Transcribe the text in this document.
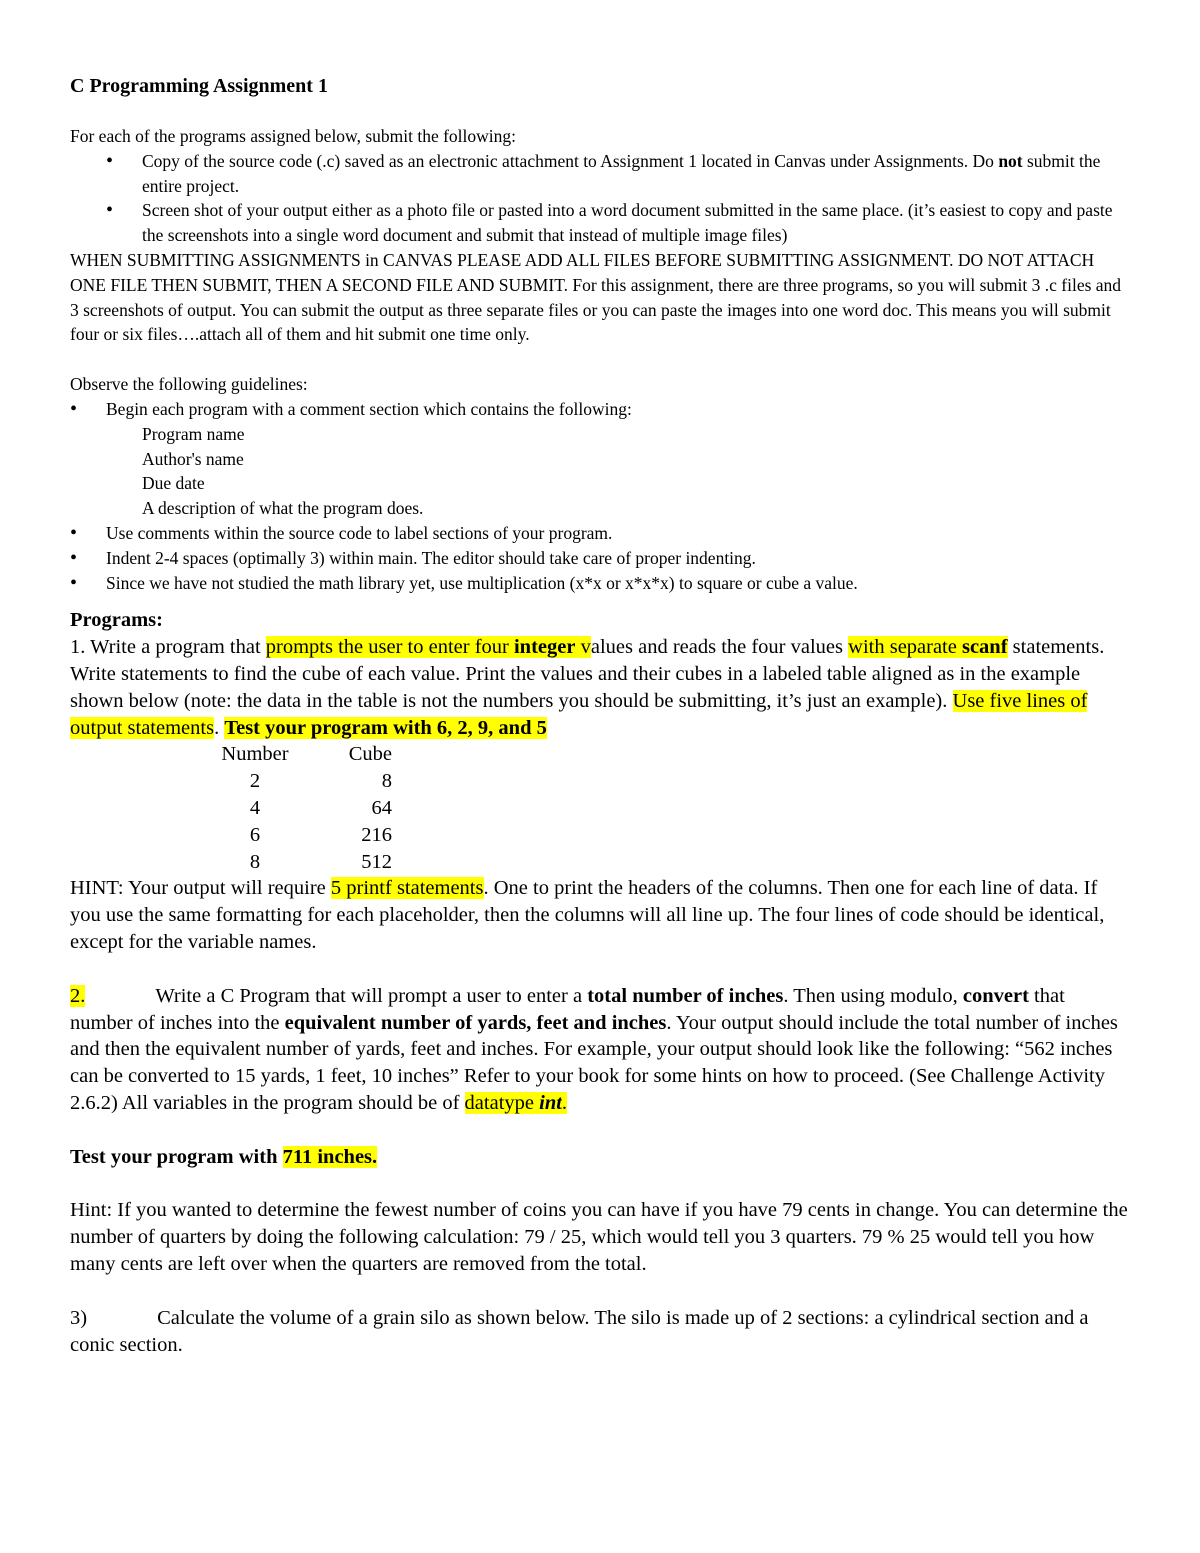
C Programming Assignment 1
For each of the programs assigned below, submit the following:
• Copy of the source code (.c) saved as an electronic attachment to Assignment 1 located in Canvas under Assignments. Do not submit the entire project.
• Screen shot of your output either as a photo file or pasted into a word document submitted in the same place. (it’s easiest to copy and paste the screenshots into a single word document and submit that instead of multiple image files)
WHEN SUBMITTING ASSIGNMENTS in CANVAS PLEASE ADD ALL FILES BEFORE SUBMITTING ASSIGNMENT. DO NOT ATTACH ONE FILE THEN SUBMIT, THEN A SECOND FILE AND SUBMIT. For this assignment, there are three programs, so you will submit 3 .c files and 3 screenshots of output. You can submit the output as three separate files or you can paste the images into one word doc. This means you will submit four or six files….attach all of them and hit submit one time only.
Observe the following guidelines:
• Begin each program with a comment section which contains the following:
Program name
Author's name
Due date
A description of what the program does.
• Use comments within the source code to label sections of your program.
• Indent 2-4 spaces (optimally 3) within main. The editor should take care of proper indenting.
• Since we have not studied the math library yet, use multiplication (x*x or x*x*x) to square or cube a value.
Programs:
1. Write a program that prompts the user to enter four integer values and reads the four values with separate scanf statements. Write statements to find the cube of each value. Print the values and their cubes in a labeled table aligned as in the example shown below (note: the data in the table is not the numbers you should be submitting, it’s just an example). Use five lines of output statements. Test your program with 6, 2, 9, and 5
Number	Cube
2	8
4	64
6	216
8	512
HINT: Your output will require 5 printf statements. One to print the headers of the columns. Then one for each line of data. If you use the same formatting for each placeholder, then the columns will all line up. The four lines of code should be identical, except for the variable names.
2.	Write a C Program that will prompt a user to enter a total number of inches. Then using modulo, convert that number of inches into the equivalent number of yards, feet and inches. Your output should include the total number of inches and then the equivalent number of yards, feet and inches. For example, your output should look like the following: “562 inches can be converted to 15 yards, 1 feet, 10 inches” Refer to your book for some hints on how to proceed. (See Challenge Activity 2.6.2) All variables in the program should be of datatype int.
Test your program with 711 inches.
Hint: If you wanted to determine the fewest number of coins you can have if you have 79 cents in change. You can determine the number of quarters by doing the following calculation: 79 / 25, which would tell you 3 quarters. 79 % 25 would tell you how many cents are left over when the quarters are removed from the total.
3)	Calculate the volume of a grain silo as shown below. The silo is made up of 2 sections: a cylindrical section and a conic section.
